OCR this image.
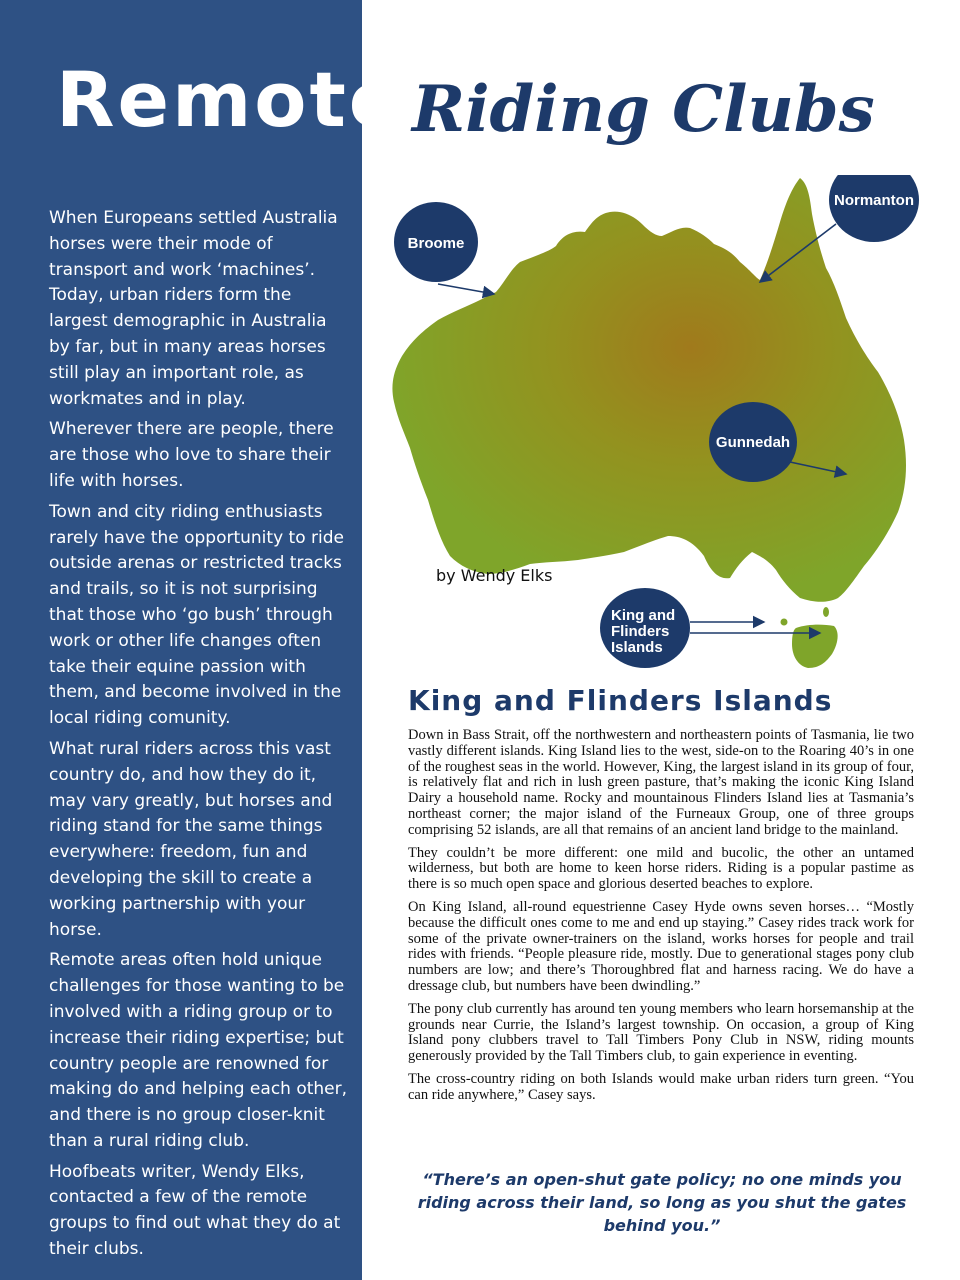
Remote

When Europeans settled Australia horses were their mode of transport and work ‘machines’. Today, urban riders form the largest demographic in Australia by far, but in many areas horses still play an important role, as workmates and in play.

Wherever there are people, there are those who love to share their life with horses.

Town and city riding enthusiasts rarely have the opportunity to ride outside arenas or restricted tracks and trails, so it is not surprising that those who ‘go bush’ through work or other life changes often take their equine passion with them, and become involved in the local riding comunity.

What rural riders across this vast country do, and how they do it, may vary greatly, but horses and riding stand for the same things everywhere: freedom, fun and developing the skill to create a working partnership with your horse.

Remote areas often hold unique challenges for those wanting to be involved with a riding group or to increase their riding expertise; but country people are renowned for making do and helping each other, and there is no group closer-knit than a rural riding club.

Hoofbeats writer, Wendy Elks, contacted a few of the remote groups to find out what they do at their clubs.

Riding Clubs
Broome
Normanton
Gunnedah
King and
Flinders
Islands
by Wendy Elks
King and Flinders Islands

Down in Bass Strait, off the northwestern and northeastern points of Tasmania, lie two vastly different islands. King Island lies to the west, side-on to the Roaring 40’s in one of the roughest seas in the world. However, King, the largest island in its group of four, is relatively flat and rich in lush green pasture, that’s making the iconic King Island Dairy a household name. Rocky and mountainous Flinders Island lies at Tasmania’s northeast corner; the major island of the Furneaux Group, one of three groups comprising 52 islands, are all that remains of an ancient land bridge to the mainland.

They couldn’t be more different: one mild and bucolic, the other an untamed wilderness, but both are home to keen horse riders. Riding is a popular pastime as there is so much open space and glorious deserted beaches to explore.

On King Island, all-round equestrienne Casey Hyde owns seven horses… “Mostly because the difficult ones come to me and end up staying.” Casey rides track work for some of the private owner-trainers on the island, works horses for people and trail rides with friends. “People pleasure ride, mostly. Due to generational stages pony club numbers are low; and there’s Thoroughbred flat and harness racing. We do have a dressage club, but numbers have been dwindling.”

The pony club currently has around ten young members who learn horsemanship at the grounds near Currie, the Island’s largest township. On occasion, a group of King Island pony clubbers travel to Tall Timbers Pony Club in NSW, riding mounts generously provided by the Tall Timbers club, to gain experience in eventing.

The cross-country riding on both Islands would make urban riders turn green. “You can ride anywhere,” Casey says.

“There’s an open-shut gate policy; no one minds you riding across their land, so long as you shut the gates behind you.”
